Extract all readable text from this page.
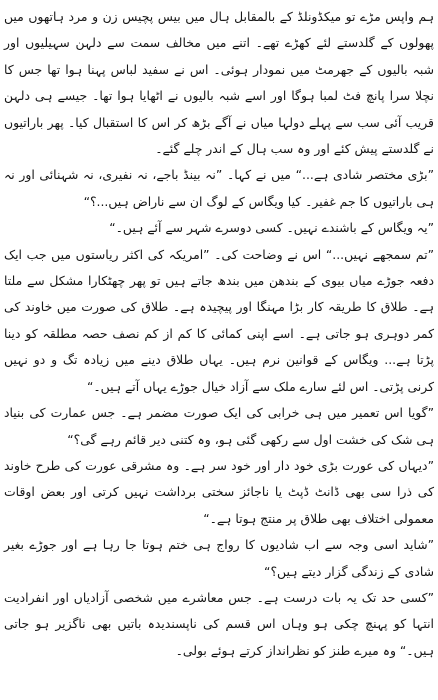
ہم واپس مڑے تو میکڈونلڈ کے بالمقابل ہال میں بیس پچیس زن و مرد ہاتھوں میں پھولوں کے گلدستے لئے کھڑے تھے۔ اتنے میں مخالف سمت سے دلہن سہیلیوں اور شبہ بالیوں کے جھرمٹ میں نمودار ہوئی۔ اس نے سفید لباس پہنا ہوا تھا جس کا نچلا سرا پانچ فٹ لمبا ہوگا اور اسے شبہ بالیوں نے اٹھایا ہوا تھا۔ جیسے ہی دلہن قریب آئی سب سے پہلے دولہا میاں نے آگے بڑھ کر اس کا استقبال کیا۔ پھر باراتیوں نے گلدستے پیش کئے اور وہ سب ہال کے اندر چلے گئے۔

”بڑی مختصر شادی ہے...“ میں نے کہا۔ ”نہ بینڈ باجے، نہ نفیری، نہ شہنائی اور نہ ہی باراتیوں کا جم غفیر۔ کیا ویگاس کے لوگ ان سے ناراض ہیں...؟“

”یہ ویگاس کے باشندے نہیں۔ کسی دوسرے شہر سے آئے ہیں۔“

”تم سمجھے نہیں...“ اس نے وضاحت کی۔ ”امریکہ کی اکثر ریاستوں میں جب ایک دفعہ جوڑے میاں بیوی کے بندھن میں بندھ جاتے ہیں تو پھر چھٹکارا مشکل سے ملتا ہے۔ طلاق کا طریقہ کار بڑا مہنگا اور پیچیدہ ہے۔ طلاق کی صورت میں خاوند کی کمر دوہری ہو جاتی ہے۔ اسے اپنی کمائی کا کم از کم نصف حصہ مطلقہ کو دینا پڑتا ہے... ویگاس کے قوانین نرم ہیں۔ یہاں طلاق دینے میں زیادہ تگ و دو نہیں کرنی پڑتی۔ اس لئے سارے ملک سے آزاد خیال جوڑے یہاں آتے ہیں۔“

”گویا اس تعمیر میں ہی خرابی کی ایک صورت مضمر ہے۔ جس عمارت کی بنیاد ہی شک کی خشت اول سے رکھی گئی ہو، وہ کتنی دیر قائم رہے گی؟“

”دیہاں کی عورت بڑی خود دار اور خود سر ہے۔ وہ مشرقی عورت کی طرح خاوند کی ذرا سی بھی ڈانٹ ڈپٹ یا ناجائز سختی برداشت نہیں کرتی اور بعض اوقات معمولی اختلاف بھی طلاق پر منتج ہوتا ہے۔“

”شاید اسی وجہ سے اب شادیوں کا رواج ہی ختم ہوتا جا رہا ہے اور جوڑے بغیر شادی کے زندگی گزار دیتے ہیں؟“

”کسی حد تک یہ بات درست ہے۔ جس معاشرے میں شخصی آزادیاں اور انفرادیت انتہا کو پہنچ چکی ہو وہاں اس قسم کی ناپسندیدہ باتیں بھی ناگزیر ہو جاتی ہیں۔“ وہ میرے طنز کو نظرانداز کرتے ہوئے بولی۔
